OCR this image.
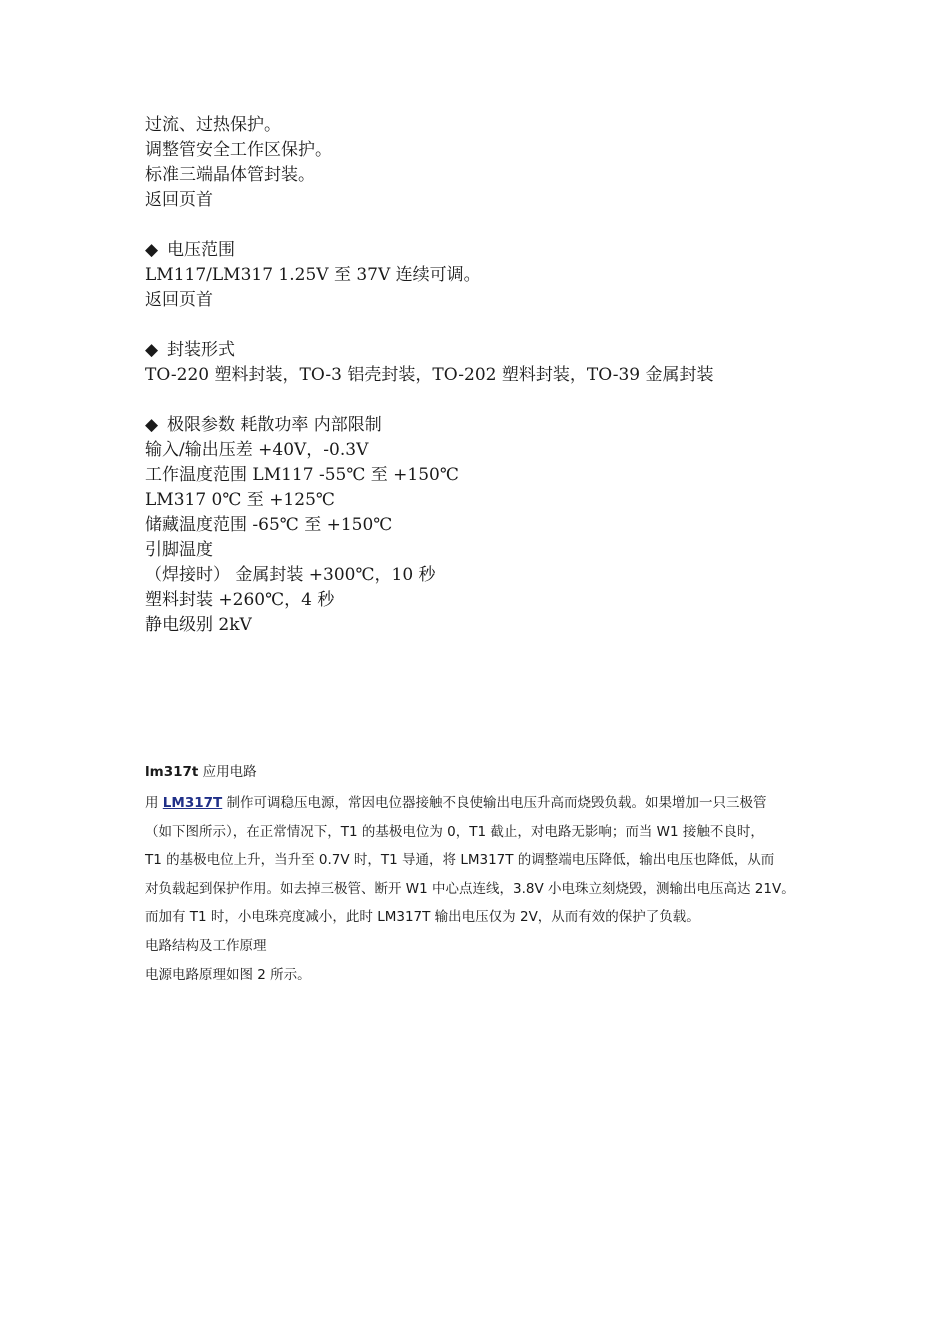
过流、过热保护。
调整管安全工作区保护。
标准三端晶体管封装。
返回页首
◆ 电压范围
LM117/LM317 1.25V 至 37V 连续可调。
返回页首
◆ 封装形式
TO-220 塑料封装，TO-3 铝壳封装，TO-202 塑料封装，TO-39 金属封装
◆ 极限参数 耗散功率 内部限制
输入/输出压差 +40V，-0.3V
工作温度范围 LM117 -55℃ 至 +150℃
LM317 0℃ 至 +125℃
储藏温度范围 -65℃ 至 +150℃
引脚温度
（焊接时） 金属封装 +300℃，10 秒
塑料封装 +260℃，4 秒
静电级别 2kV
lm317t 应用电路
用 LM317T 制作可调稳压电源，常因电位器接触不良使输出电压升高而烧毁负载。如果增加一只三极管
（如下图所示），在正常情况下，T1 的基极电位为 0，T1 截止，对电路无影响；而当 W1 接触不良时，
T1 的基极电位上升，当升至 0.7V 时，T1 导通，将 LM317T 的调整端电压降低，输出电压也降低，从而
对负载起到保护作用。如去掉三极管、断开 W1 中心点连线，3.8V 小电珠立刻烧毁，测输出电压高达 21V。
而加有 T1 时，小电珠亮度减小，此时 LM317T 输出电压仅为 2V，从而有效的保护了负载。
电路结构及工作原理
电源电路原理如图 2 所示。
